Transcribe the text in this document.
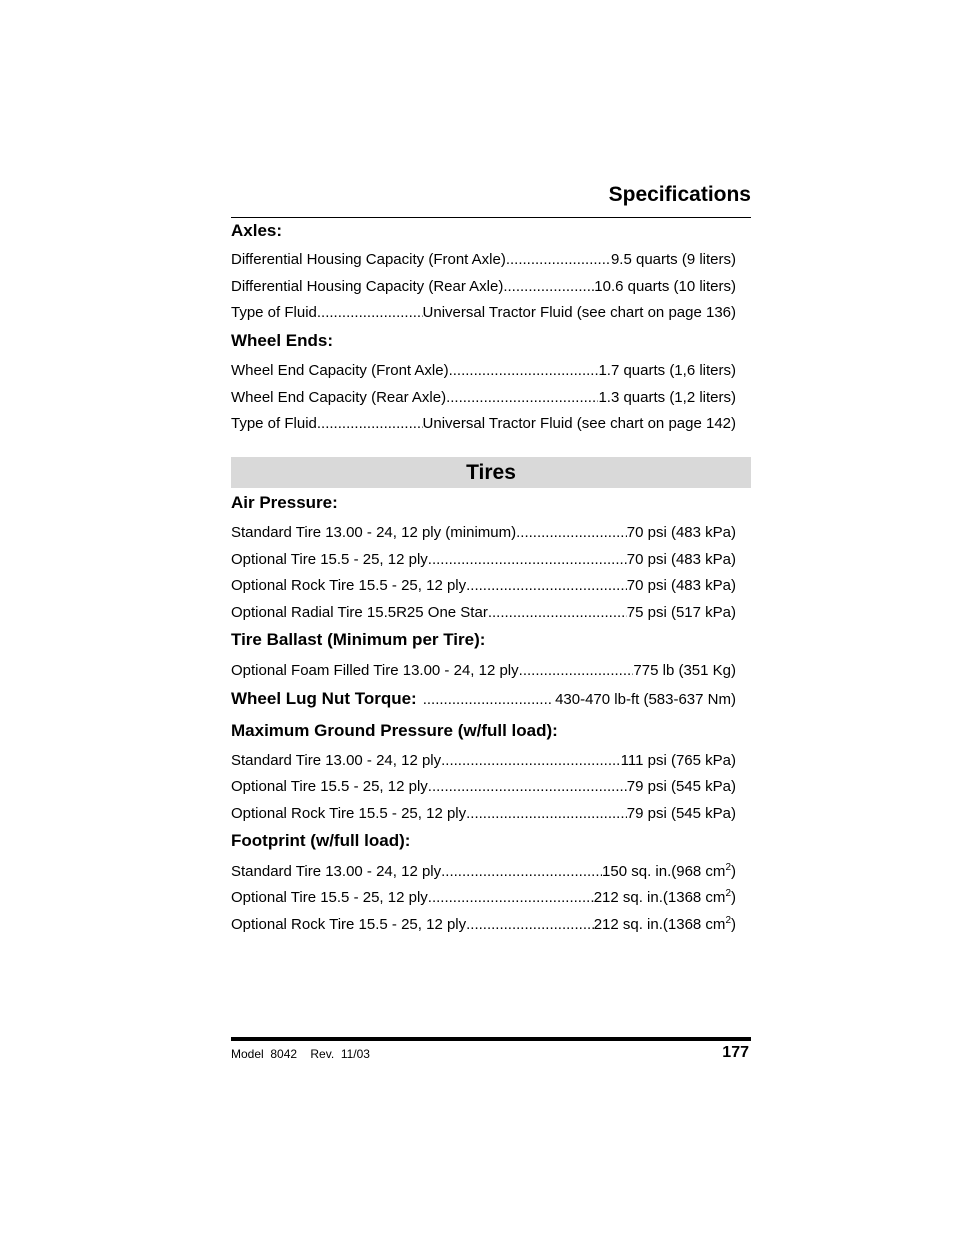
Specifications
Axles:
Differential Housing Capacity (Front Axle) .....	9.5 quarts (9 liters)
Differential Housing Capacity (Rear Axle) .....	10.6 quarts (10 liters)
Type of Fluid .....	Universal Tractor Fluid (see chart on page 136)
Wheel Ends:
Wheel End Capacity (Front Axle) .....	1.7 quarts (1,6 liters)
Wheel End Capacity (Rear Axle) .....	1.3 quarts (1,2 liters)
Type of Fluid .....	Universal Tractor Fluid (see chart on page 142)
Tires
Air Pressure:
Standard Tire 13.00 - 24, 12 ply (minimum) .....	70 psi (483 kPa)
Optional Tire 15.5 - 25, 12 ply .....	70 psi (483 kPa)
Optional Rock Tire 15.5 - 25, 12 ply .....	70 psi (483 kPa)
Optional Radial Tire 15.5R25 One Star .....	75 psi (517 kPa)
Tire Ballast (Minimum per Tire):
Optional Foam Filled Tire 13.00 - 24, 12 ply .....	775 lb (351 Kg)
Wheel Lug Nut Torque: .....	430-470 lb-ft (583-637 Nm)
Maximum Ground Pressure (w/full load):
Standard Tire 13.00 - 24, 12 ply .....	111 psi (765 kPa)
Optional Tire 15.5 - 25, 12 ply .....	79 psi (545 kPa)
Optional Rock Tire 15.5 - 25, 12 ply .....	79 psi (545 kPa)
Footprint (w/full load):
Standard Tire 13.00 - 24, 12 ply .....	150 sq. in.(968 $cm^2$)
Optional Tire 15.5 - 25, 12 ply .....	212 sq. in.(1368 $cm^2$)
Optional Rock Tire 15.5 - 25, 12 ply .....	212 sq. in.(1368 $cm^2$)
Model  8042    Rev.  11/03	177
